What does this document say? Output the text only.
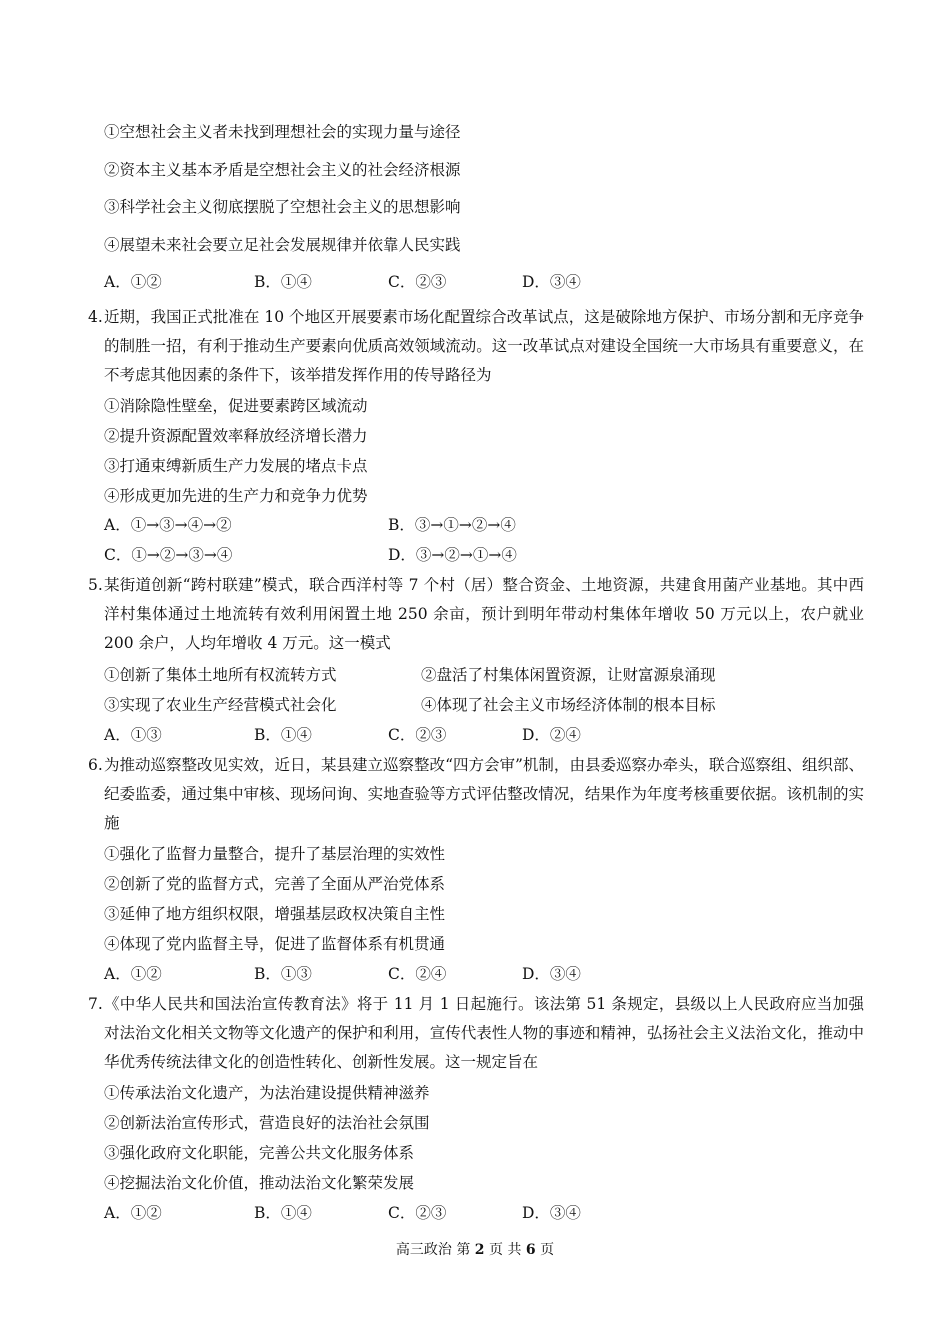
①空想社会主义者未找到理想社会的实现力量与途径
②资本主义基本矛盾是空想社会主义的社会经济根源
③科学社会主义彻底摆脱了空想社会主义的思想影响
④展望未来社会要立足社会发展规律并依靠人民实践
A．①②	B．①④	C．②③	D．③④
4. 近期，我国正式批准在 10 个地区开展要素市场化配置综合改革试点，这是破除地方保护、市场分割和无序竞争的制胜一招，有利于推动生产要素向优质高效领域流动。这一改革试点对建设全国统一大市场具有重要意义，在不考虑其他因素的条件下，该举措发挥作用的传导路径为
①消除隐性壁垒，促进要素跨区域流动
②提升资源配置效率释放经济增长潜力
③打通束缚新质生产力发展的堵点卡点
④形成更加先进的生产力和竞争力优势
A．①→③→④→②	B．③→①→②→④
C．①→②→③→④	D．③→②→①→④
5. 某街道创新“跨村联建”模式，联合西洋村等 7 个村（居）整合资金、土地资源，共建食用菌产业基地。其中西洋村集体通过土地流转有效利用闲置土地 250 余亩，预计到明年带动村集体年增收 50 万元以上，农户就业 200 余户，人均年增收 4 万元。这一模式
①创新了集体土地所有权流转方式	②盘活了村集体闲置资源，让财富源泉涌现
③实现了农业生产经营模式社会化	④体现了社会主义市场经济体制的根本目标
A．①③	B．①④	C．②③	D．②④
6. 为推动巡察整改见实效，近日，某县建立巡察整改“四方会审”机制，由县委巡察办牵头，联合巡察组、组织部、纪委监委，通过集中审核、现场问询、实地查验等方式评估整改情况，结果作为年度考核重要依据。该机制的实施
①强化了监督力量整合，提升了基层治理的实效性
②创新了党的监督方式，完善了全面从严治党体系
③延伸了地方组织权限，增强基层政权决策自主性
④体现了党内监督主导，促进了监督体系有机贯通
A．①②	B．①③	C．②④	D．③④
7. 《中华人民共和国法治宣传教育法》将于 11 月 1 日起施行。该法第 51 条规定，县级以上人民政府应当加强对法治文化相关文物等文化遗产的保护和利用，宣传代表性人物的事迹和精神，弘扬社会主义法治文化，推动中华优秀传统法律文化的创造性转化、创新性发展。这一规定旨在
①传承法治文化遗产，为法治建设提供精神滋养
②创新法治宣传形式，营造良好的法治社会氛围
③强化政府文化职能，完善公共文化服务体系
④挖掘法治文化价值，推动法治文化繁荣发展
A．①②	B．①④	C．②③	D．③④
高三政治 第 2 页 共 6 页
